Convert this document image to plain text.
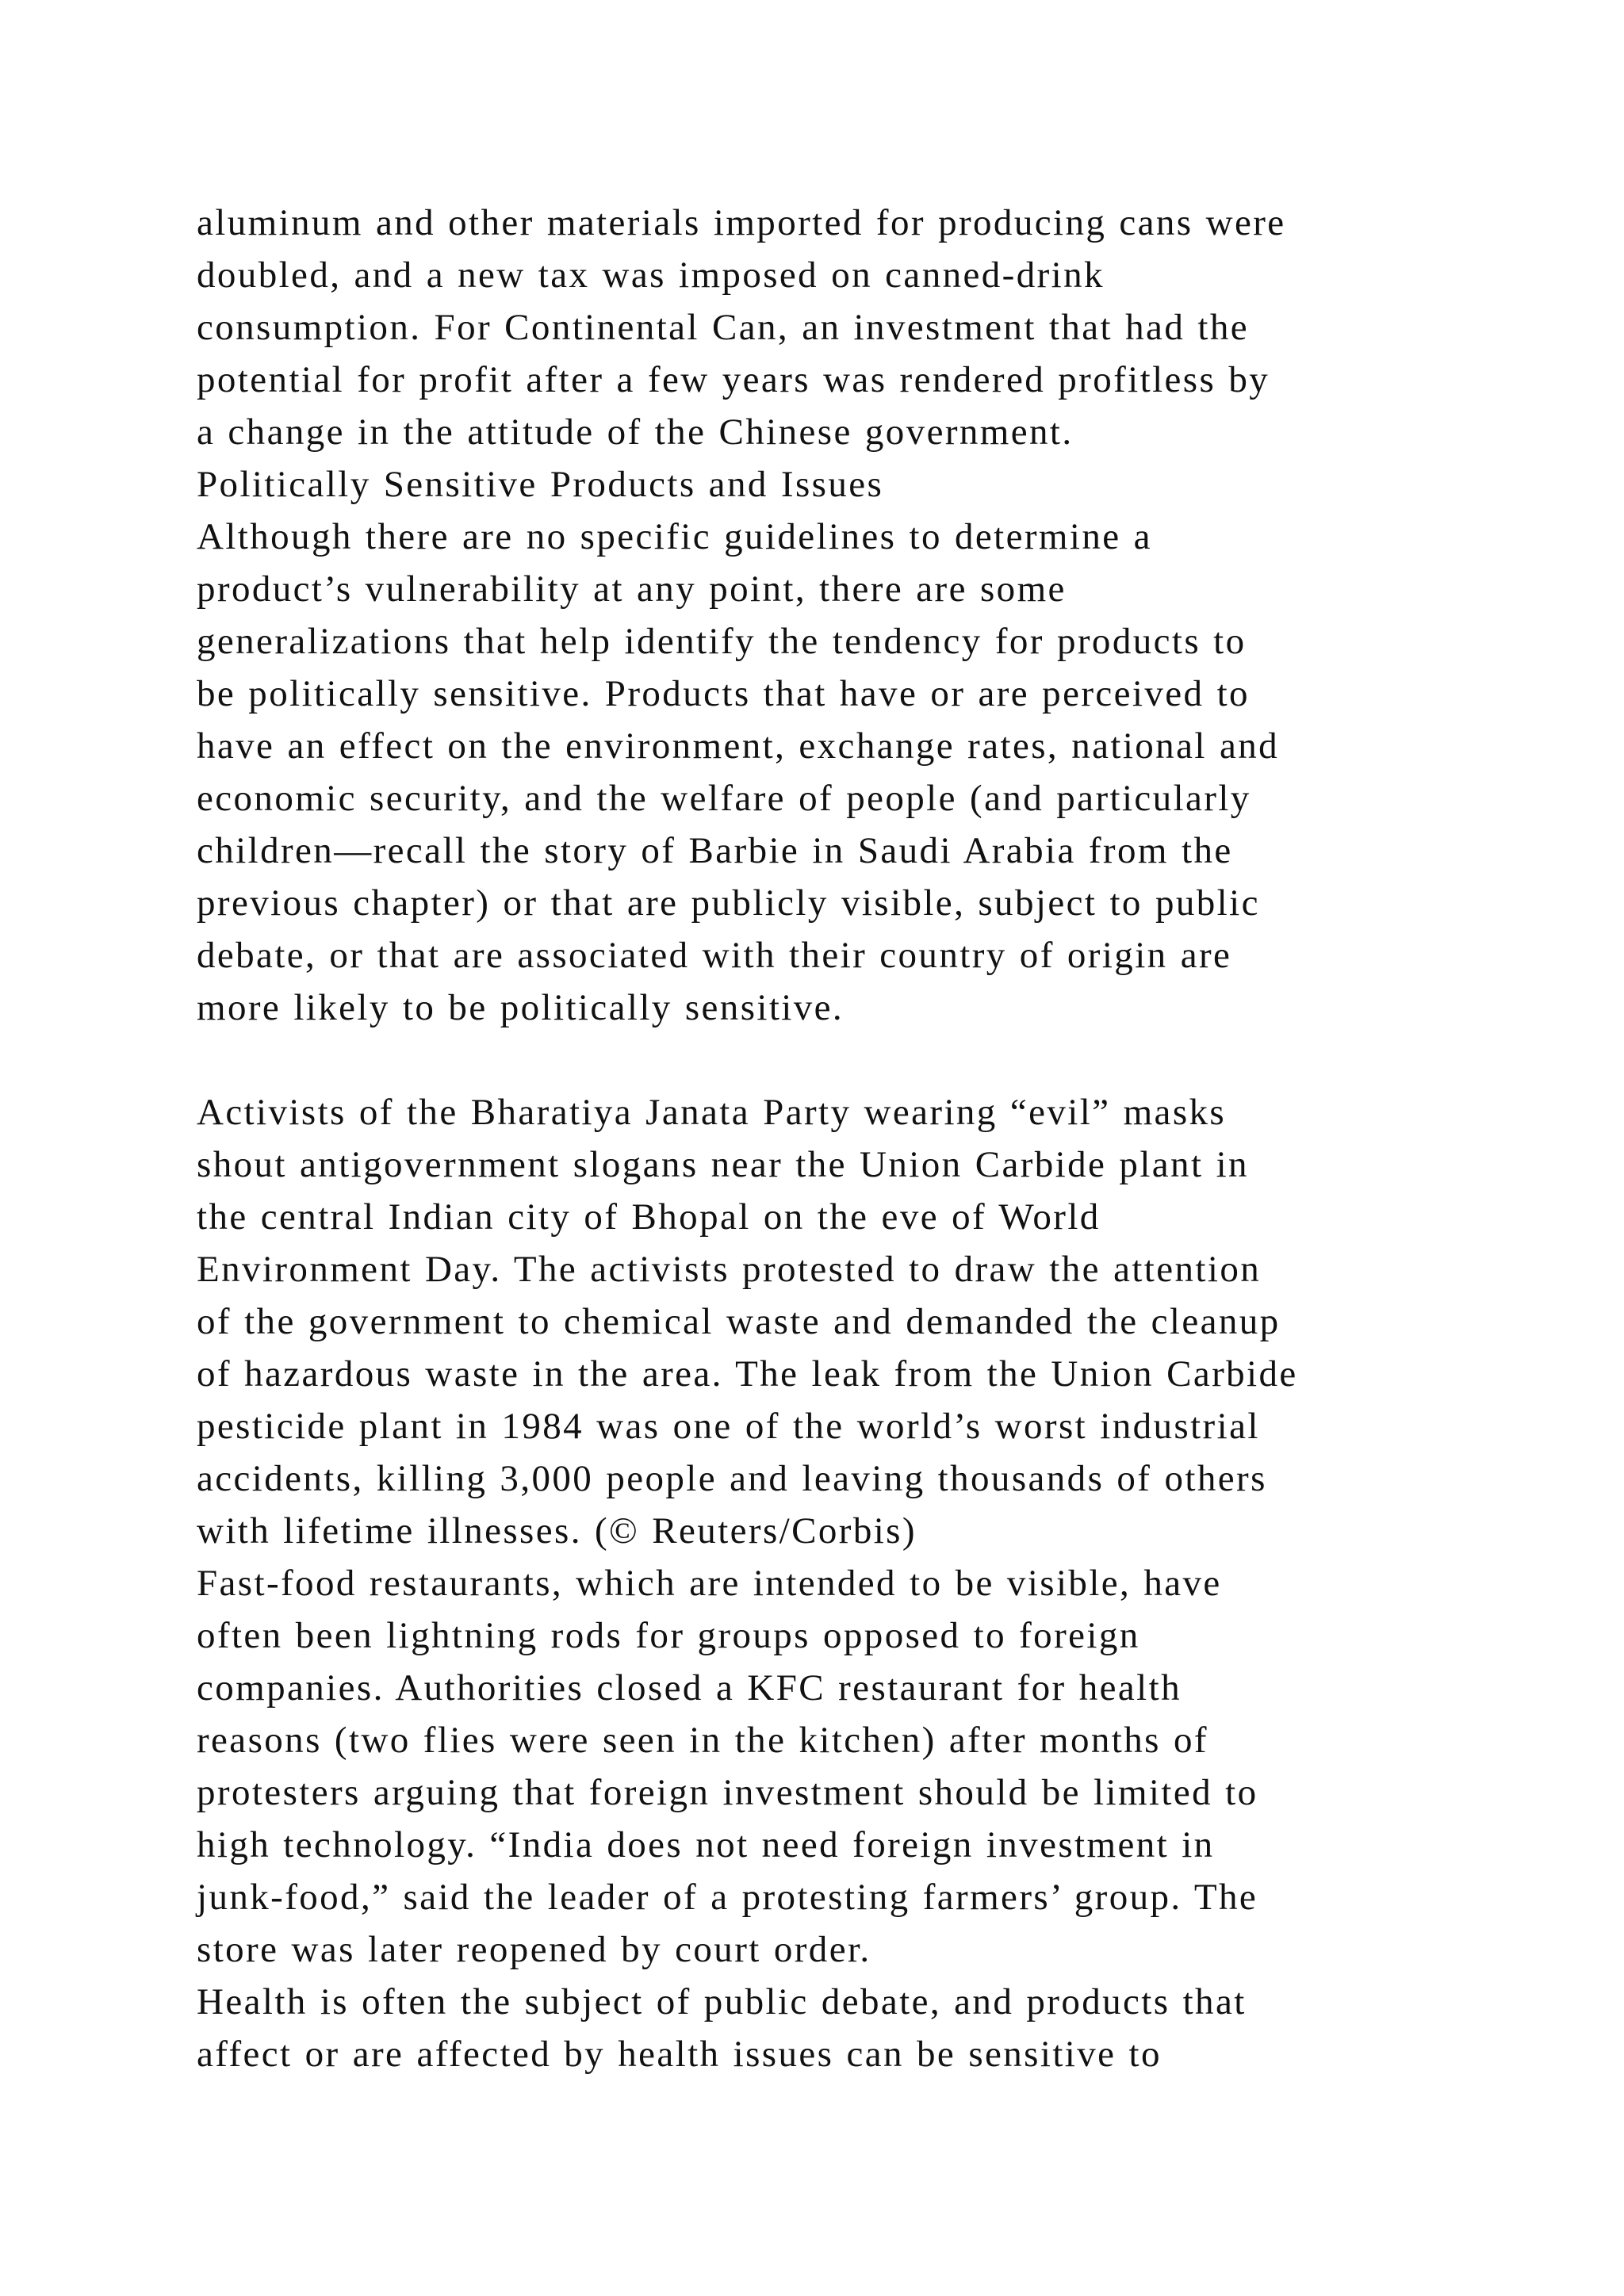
aluminum and other materials imported for producing cans were
doubled, and a new tax was imposed on canned-drink
consumption. For Continental Can, an investment that had the
potential for profit after a few years was rendered profitless by
a change in the attitude of the Chinese government.
Politically Sensitive Products and Issues
Although there are no specific guidelines to determine a
product’s vulnerability at any point, there are some
generalizations that help identify the tendency for products to
be politically sensitive. Products that have or are perceived to
have an effect on the environment, exchange rates, national and
economic security, and the welfare of people (and particularly
children—recall the story of Barbie in Saudi Arabia from the
previous chapter) or that are publicly visible, subject to public
debate, or that are associated with their country of origin are
more likely to be politically sensitive.
Activists of the Bharatiya Janata Party wearing “evil” masks
shout antigovernment slogans near the Union Carbide plant in
the central Indian city of Bhopal on the eve of World
Environment Day. The activists protested to draw the attention
of the government to chemical waste and demanded the cleanup
of hazardous waste in the area. The leak from the Union Carbide
pesticide plant in 1984 was one of the world’s worst industrial
accidents, killing 3,000 people and leaving thousands of others
with lifetime illnesses. (© Reuters/Corbis)
Fast-food restaurants, which are intended to be visible, have
often been lightning rods for groups opposed to foreign
companies. Authorities closed a KFC restaurant for health
reasons (two flies were seen in the kitchen) after months of
protesters arguing that foreign investment should be limited to
high technology. “India does not need foreign investment in
junk-food,” said the leader of a protesting farmers’ group. The
store was later reopened by court order.
Health is often the subject of public debate, and products that
affect or are affected by health issues can be sensitive to
